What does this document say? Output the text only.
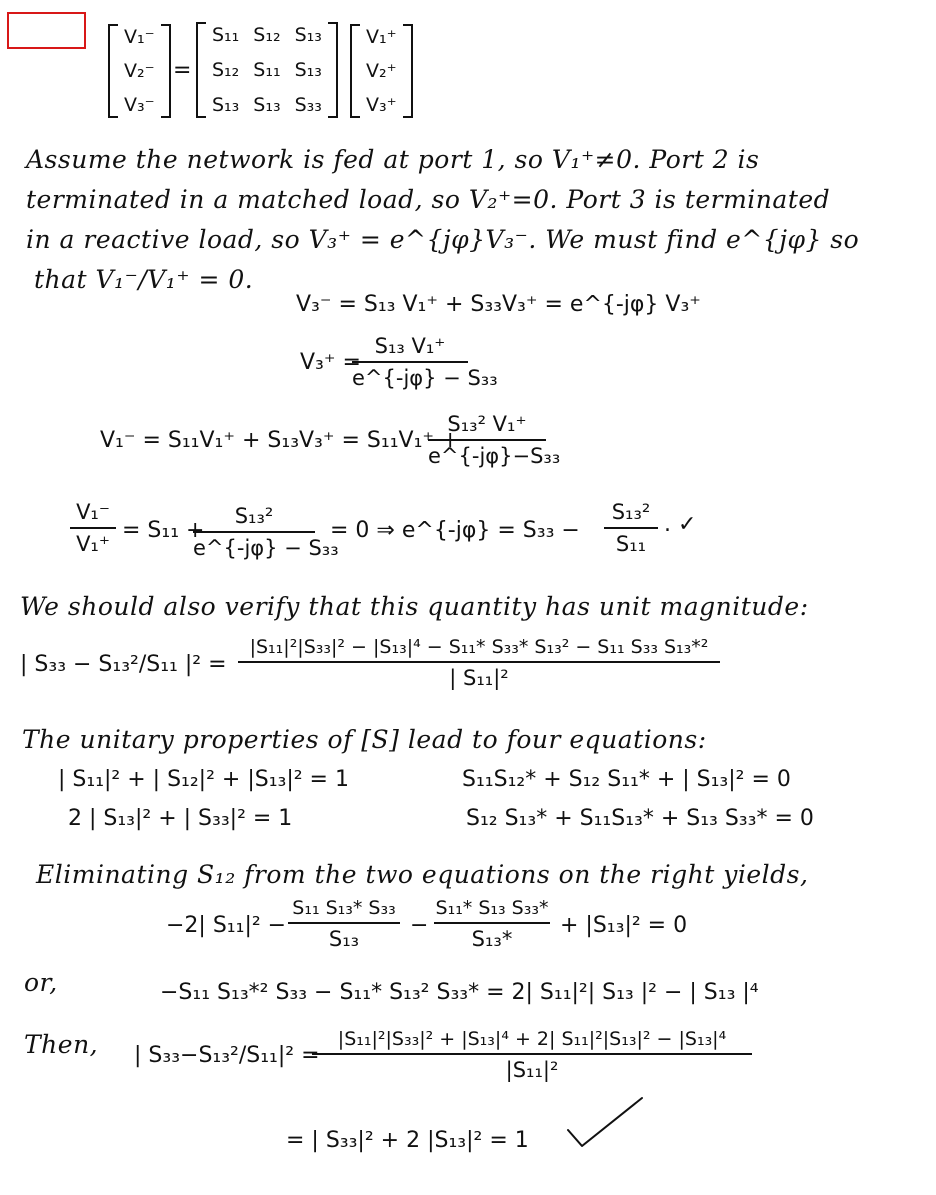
V₁⁻
V₂⁻
V₃⁻
=
S₁₁ S₁₂ S₁₃
S₁₂ S₁₁ S₁₃
S₁₃ S₁₃ S₃₃
V₁⁺
V₂⁺
V₃⁺
Assume the network is fed at port 1, so V₁⁺≠0. Port 2 is
terminated in a matched load, so V₂⁺=0. Port 3 is terminated
in a reactive load, so V₃⁺ = e^{jφ}V₃⁻. We must find e^{jφ} so
that V₁⁻/V₁⁺ = 0.
V₃⁻ = S₁₃ V₁⁺ + S₃₃V₃⁺ = e^{-jφ} V₃⁺
V₃⁺ =
S₁₃ V₁⁺
e^{-jφ} − S₃₃
V₁⁻ = S₁₁V₁⁺ + S₁₃V₃⁺ = S₁₁V₁⁺ +
S₁₃² V₁⁺
e^{-jφ}−S₃₃
V₁⁻
V₁⁺
= S₁₁ +
S₁₃²
e^{-jφ} − S₃₃
= 0 ⇒ e^{-jφ} = S₃₃ −
S₁₃²
S₁₁
. ✓
We should also verify that this quantity has unit magnitude:
| S₃₃ − S₁₃²/S₁₁ |² =
|S₁₁|²|S₃₃|² − |S₁₃|⁴ − S₁₁* S₃₃* S₁₃² − S₁₁ S₃₃ S₁₃*²
| S₁₁|²
The unitary properties of [S] lead to four equations:
| S₁₁|² + | S₁₂|² + |S₁₃|² = 1
2 | S₁₃|² + | S₃₃|² = 1
S₁₁S₁₂* + S₁₂ S₁₁* + | S₁₃|² = 0
S₁₂ S₁₃* + S₁₁S₁₃* + S₁₃ S₃₃* = 0
Eliminating S₁₂ from the two equations on the right yields,
−2| S₁₁|² −
S₁₁ S₁₃* S₃₃
S₁₃
−
S₁₁* S₁₃ S₃₃*
S₁₃*
+ |S₁₃|² = 0
or,	−S₁₁ S₁₃*² S₃₃ − S₁₁* S₁₃² S₃₃* = 2| S₁₁|²| S₁₃ |² − | S₁₃ |⁴
Then, | S₃₃−S₁₃²/S₁₁|² =
|S₁₁|²|S₃₃|² + |S₁₃|⁴ + 2| S₁₁|²|S₁₃|² − |S₁₃|⁴
|S₁₁|²
= | S₃₃|² + 2 |S₁₃|² = 1
